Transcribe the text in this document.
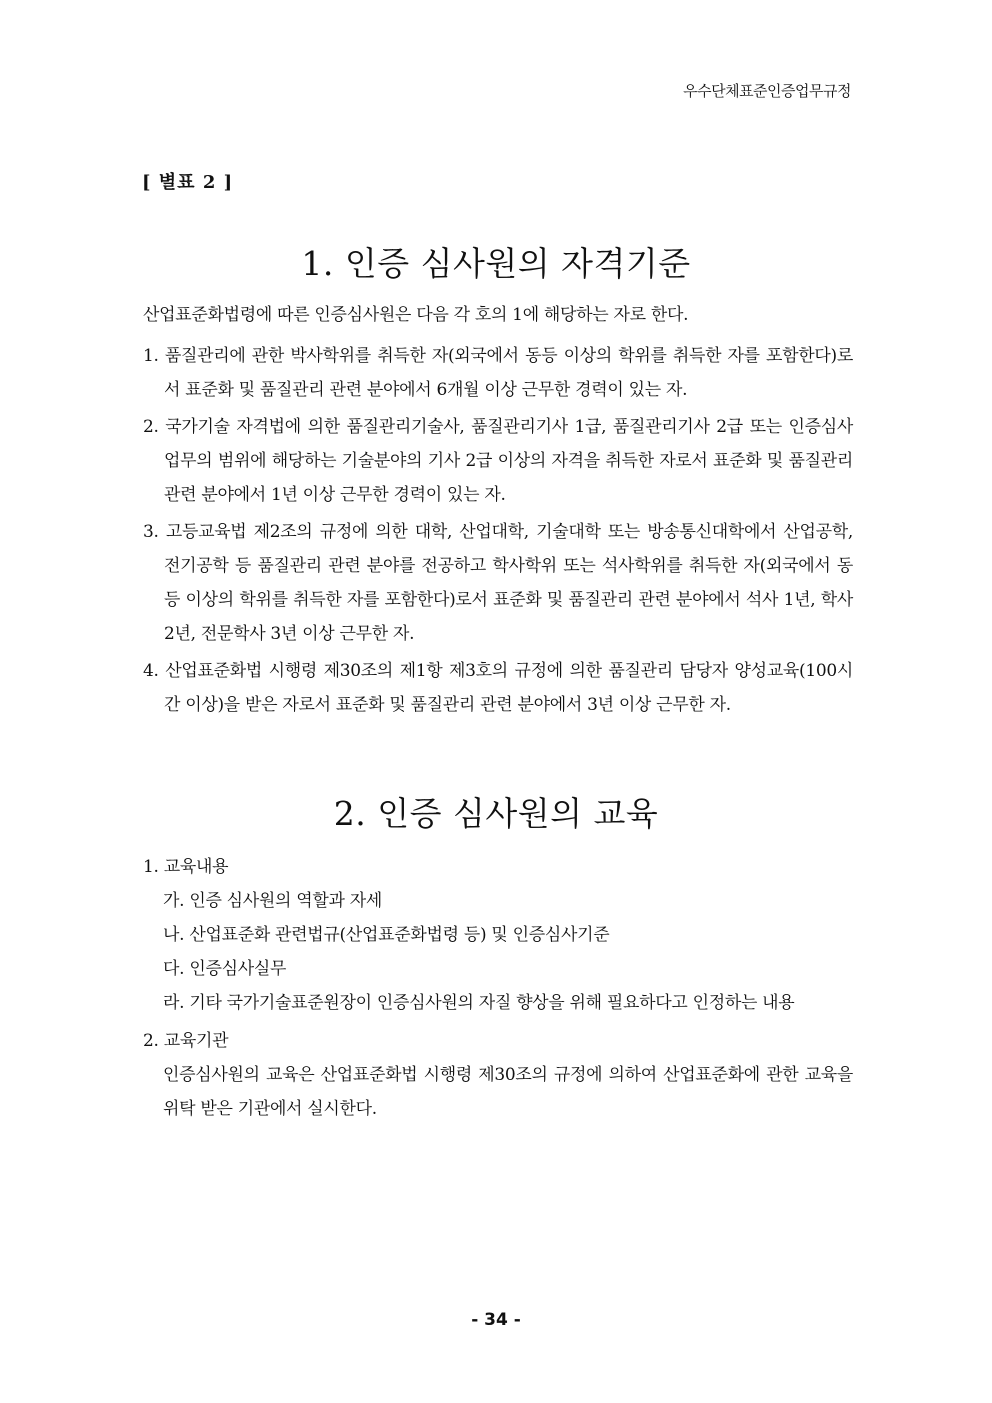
우수단체표준인증업무규정
[ 별표 2 ]
1. 인증 심사원의 자격기준
산업표준화법령에 따른 인증심사원은 다음 각 호의 1에 해당하는 자로 한다.

1. 품질관리에 관한 박사학위를 취득한 자(외국에서 동등 이상의 학위를 취득한 자를 포함한다)로서 표준화 및 품질관리 관련 분야에서 6개월 이상 근무한 경력이 있는 자.

2. 국가기술 자격법에 의한 품질관리기술사, 품질관리기사 1급, 품질관리기사 2급 또는 인증심사 업무의 범위에 해당하는 기술분야의 기사 2급 이상의 자격을 취득한 자로서 표준화 및 품질관리 관련 분야에서 1년 이상 근무한 경력이 있는 자.

3. 고등교육법 제2조의 규정에 의한 대학, 산업대학, 기술대학 또는 방송통신대학에서 산업공학, 전기공학 등 품질관리 관련 분야를 전공하고 학사학위 또는 석사학위를 취득한 자(외국에서 동등 이상의 학위를 취득한 자를 포함한다)로서 표준화 및 품질관리 관련 분야에서 석사 1년, 학사 2년, 전문학사 3년 이상 근무한 자.

4. 산업표준화법 시행령 제30조의 제1항 제3호의 규정에 의한 품질관리 담당자 양성교육(100시간 이상)을 받은 자로서 표준화 및 품질관리 관련 분야에서 3년 이상 근무한 자.

2. 인증 심사원의 교육

1. 교육내용

가. 인증 심사원의 역할과 자세

나. 산업표준화 관련법규(산업표준화법령 등) 및 인증심사기준

다. 인증심사실무

라. 기타 국가기술표준원장이 인증심사원의 자질 향상을 위해 필요하다고 인정하는 내용

2. 교육기관

인증심사원의 교육은 산업표준화법 시행령 제30조의 규정에 의하여 산업표준화에 관한 교육을 위탁 받은 기관에서 실시한다.

- 34 -
